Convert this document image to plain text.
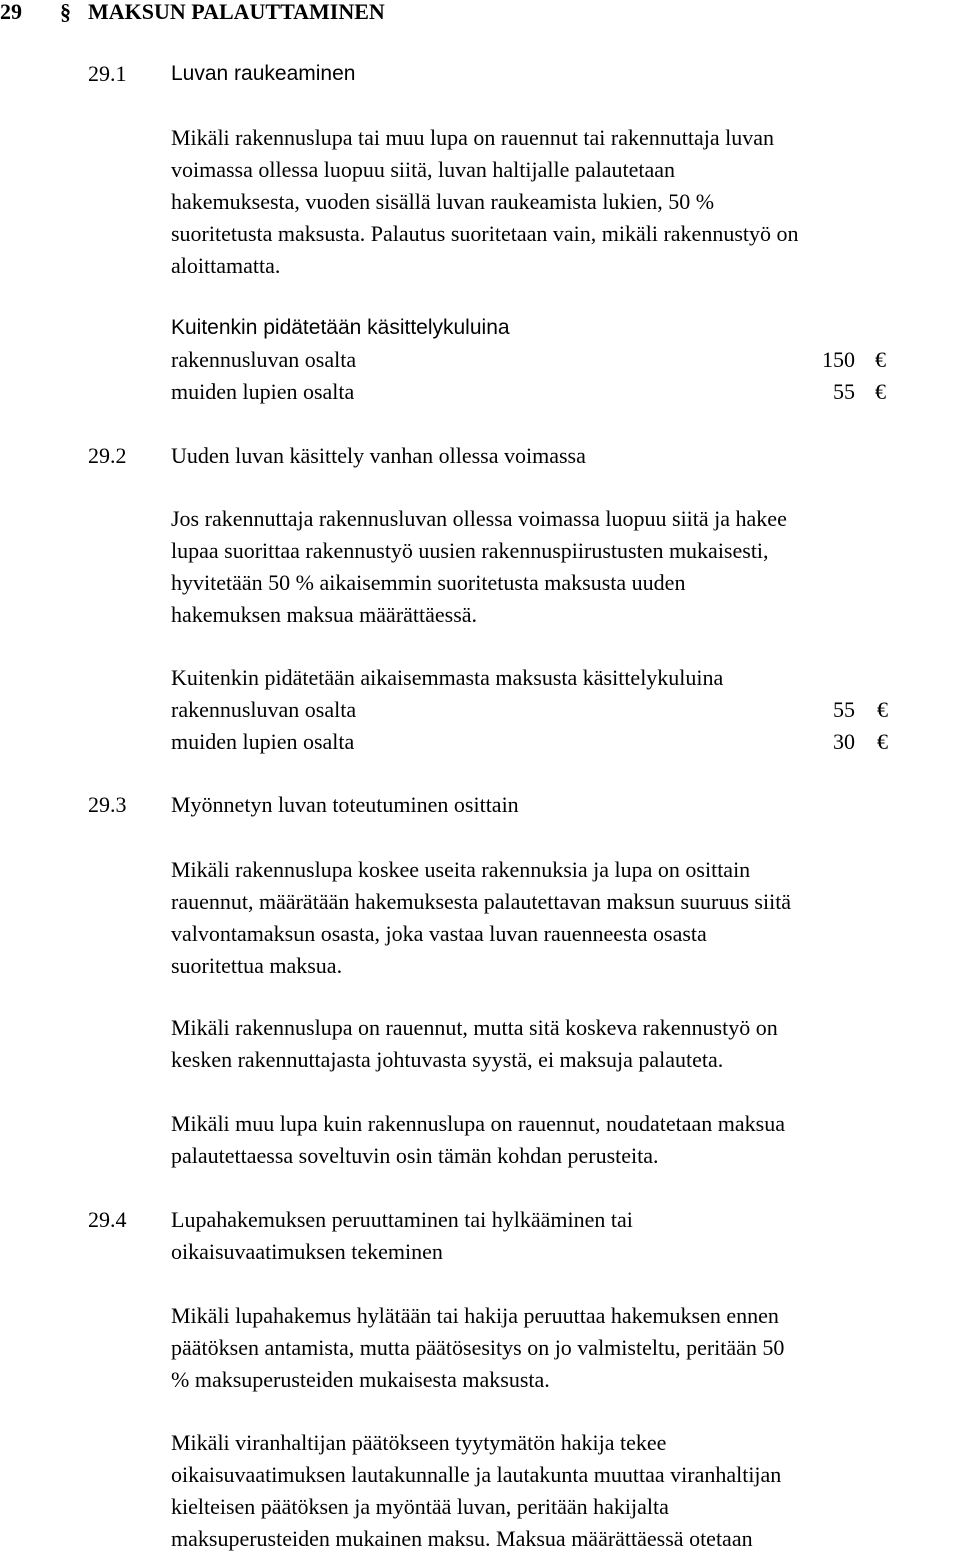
29 § MAKSUN PALAUTTAMINEN
29.1 Luvan raukeaminen
Mikäli rakennuslupa tai muu lupa on rauennut tai rakennuttaja luvan
voimassa ollessa luopuu siitä, luvan haltijalle palautetaan
hakemuksesta, vuoden sisällä luvan raukeamista lukien, 50 %
suoritetusta maksusta. Palautus suoritetaan vain, mikäli rakennustyö on
aloittamatta.
Kuitenkin pidätetään käsittelykuluina
rakennusluvan osalta	150 €
muiden lupien osalta	55 €
29.2 Uuden luvan käsittely vanhan ollessa voimassa
Jos rakennuttaja rakennusluvan ollessa voimassa luopuu siitä ja hakee
lupaa suorittaa rakennustyö uusien rakennuspiirustusten mukaisesti,
hyvitetään 50 % aikaisemmin suoritetusta maksusta uuden
hakemuksen maksua määrättäessä.
Kuitenkin pidätetään aikaisemmasta maksusta käsittelykuluina
rakennusluvan osalta	55 €
muiden lupien osalta	30 €
29.3 Myönnetyn luvan toteutuminen osittain
Mikäli rakennuslupa koskee useita rakennuksia ja lupa on osittain
rauennut, määrätään hakemuksesta palautettavan maksun suuruus siitä
valvontamaksun osasta, joka vastaa luvan rauenneesta osasta
suoritettua maksua.
Mikäli rakennuslupa on rauennut, mutta sitä koskeva rakennustyö on
kesken rakennuttajasta johtuvasta syystä, ei maksuja palauteta.
Mikäli muu lupa kuin rakennuslupa on rauennut, noudatetaan maksua
palautettaessa soveltuvin osin tämän kohdan perusteita.
29.4 Lupahakemuksen peruuttaminen tai hylkääminen tai
oikaisuvaatimuksen tekeminen
Mikäli lupahakemus hylätään tai hakija peruuttaa hakemuksen ennen
päätöksen antamista, mutta päätösesitys on jo valmisteltu, peritään 50
% maksuperusteiden mukaisesta maksusta.
Mikäli viranhaltijan päätökseen tyytymätön hakija tekee
oikaisuvaatimuksen lautakunnalle ja lautakunta muuttaa viranhaltijan
kielteisen päätöksen ja myöntää luvan, peritään hakijalta
maksuperusteiden mukainen maksu. Maksua määrättäessä otetaan
